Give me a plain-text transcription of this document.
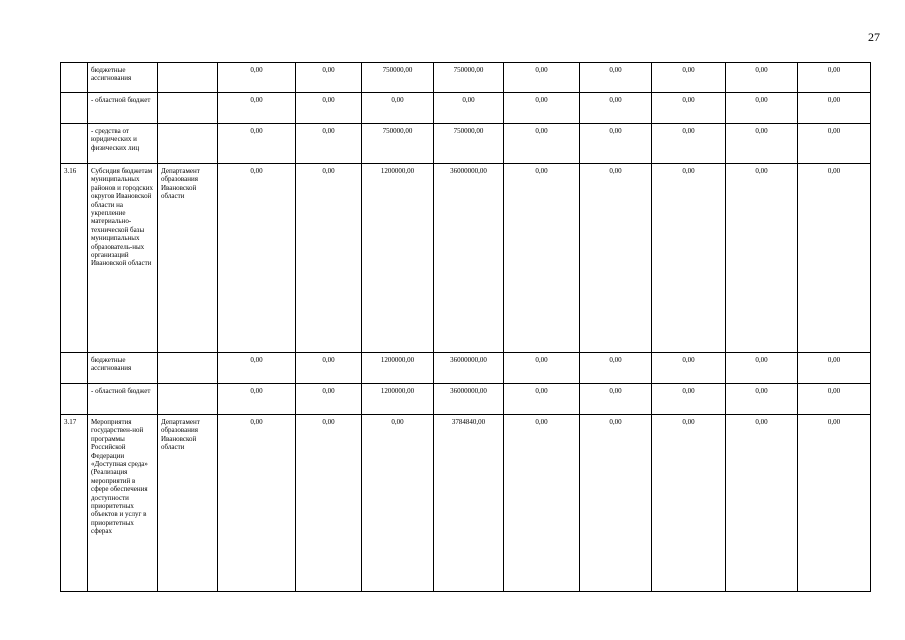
27
	бюджетные ассигнования		0,00	0,00	750000,00	750000,00	0,00	0,00	0,00	0,00	0,00
	- областной бюджет		0,00	0,00	0,00	0,00	0,00	0,00	0,00	0,00	0,00
	- средства от юридических и физических лиц		0,00	0,00	750000,00	750000,00	0,00	0,00	0,00	0,00	0,00
3.16	Субсидия бюджетам муниципальных районов и городских округов Ивановской области на укрепление материально-технической базы муниципальных образователь-ных организаций Ивановской области	Департамент образования Ивановской области	0,00	0,00	1200000,00	36000000,00	0,00	0,00	0,00	0,00	0,00
	бюджетные ассигнования		0,00	0,00	1200000,00	36000000,00	0,00	0,00	0,00	0,00	0,00
	- областной бюджет		0,00	0,00	1200000,00	36000000,00	0,00	0,00	0,00	0,00	0,00
3.17	Мероприятия государствен-ной программы Российской Федерации «Доступная среда» (Реализация мероприятий в сфере обеспечения доступности приоритетных объектов и услуг в приоритетных сферах	Департамент образования Ивановской области	0,00	0,00	0,00	3784840,00	0,00	0,00	0,00	0,00	0,00
